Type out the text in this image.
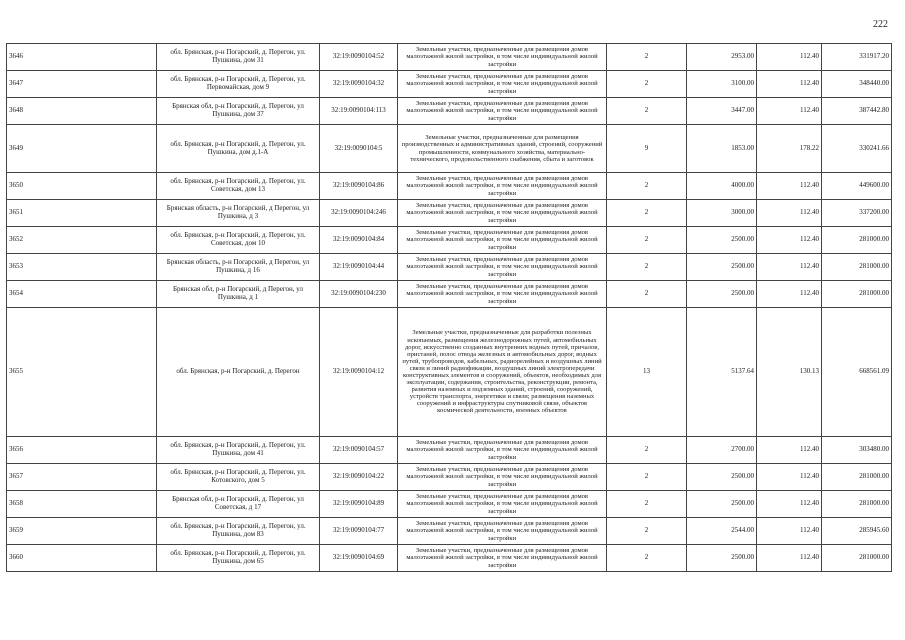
222
3646	обл. Брянская, р-н Погарский, д. Перегон, ул. Пушкина, дом 31	32:19:0090104:52	Земельные участки, предназначенные для размещения домов малоэтажной жилой застройки, в том числе индивидуальной жилой застройки	2	2953.00	112.40	331917.20
3647	обл. Брянская, р-н Погарский, д. Перегон, ул. Первомайская, дом 9	32:19:0090104:32	Земельные участки, предназначенные для размещения домов малоэтажной жилой застройки, в том числе индивидуальной жилой застройки	2	3100.00	112.40	348440.00
3648	Брянская обл, р-н Погарский, д. Перегон, ул Пушкина, дом 37	32:19:0090104:113	Земельные участки, предназначенные для размещения домов малоэтажной жилой застройки, в том числе индивидуальной жилой застройки	2	3447.00	112.40	387442.80
3649	обл. Брянская, р-н Погарский, д. Перегон, ул. Пушкина, дом д.1-А	32:19:0090104:5	Земельные участки, предназначенные для размещения производственных и административных зданий, строений, сооружений промышленности, коммунального хозяйства, материально-технического, продовольственного снабжения, сбыта и заготовок	9	1853.00	178.22	330241.66
3650	обл. Брянская, р-н Погарский, д. Перегон, ул. Советская, дом 13	32:19:0090104:86	Земельные участки, предназначенные для размещения домов малоэтажной жилой застройки, в том числе индивидуальной жилой застройки	2	4000.00	112.40	449600.00
3651	Брянская область, р-н Погарский, д Перегон, ул Пушкина, д 3	32:19:0090104:246	Земельные участки, предназначенные для размещения домов малоэтажной жилой застройки, в том числе индивидуальной жилой застройки	2	3000.00	112.40	337200.00
3652	обл. Брянская, р-н Погарский, д. Перегон, ул. Советская, дом 10	32:19:0090104:84	Земельные участки, предназначенные для размещения домов малоэтажной жилой застройки, в том числе индивидуальной жилой застройки	2	2500.00	112.40	281000.00
3653	Брянская область, р-н Погарский, д Перегон, ул Пушкина, д 16	32:19:0090104:44	Земельные участки, предназначенные для размещения домов малоэтажной жилой застройки, в том числе индивидуальной жилой застройки	2	2500.00	112.40	281000.00
3654	Брянская обл, р-н Погарский, д Перегон, ул Пушкина, д 1	32:19:0090104:230	Земельные участки, предназначенные для размещения домов малоэтажной жилой застройки, в том числе индивидуальной жилой застройки	2	2500.00	112.40	281000.00
3655	обл. Брянская, р-н Погарский, д. Перегон	32:19:0090104:12	Земельные участки, предназначенные для разработки полезных ископаемых, размещения железнодорожных путей, автомобильных дорог, искусственно созданных внутренних водных путей, причалов, пристаней, полос отвода железных и автомобильных дорог, водных путей, трубопроводов, кабельных, радиорелейных и воздушных линий связи и линий радиофикации, воздушных линий электропередачи конструктивных элементов и сооружений, объектов, необходимых для эксплуатации, содержания, строительства, реконструкции, ремонта, развития наземных и подземных зданий, строений, сооружений, устройств транспорта, энергетики и связи; размещения наземных сооружений и инфраструктуры спутниковой связи, объектов космической деятельности, военных объектов	13	5137.64	130.13	668561.09
3656	обл. Брянская, р-н Погарский, д. Перегон, ул. Пушкина, дом 41	32:19:0090104:57	Земельные участки, предназначенные для размещения домов малоэтажной жилой застройки, в том числе индивидуальной жилой застройки	2	2700.00	112.40	303480.00
3657	обл. Брянская, р-н Погарский, д. Перегон, ул. Котовского, дом 5	32:19:0090104:22	Земельные участки, предназначенные для размещения домов малоэтажной жилой застройки, в том числе индивидуальной жилой застройки	2	2500.00	112.40	281000.00
3658	Брянская обл, р-н Погарский, д. Перегон, ул Советская, д 17	32:19:0090104:89	Земельные участки, предназначенные для размещения домов малоэтажной жилой застройки, в том числе индивидуальной жилой застройки	2	2500.00	112.40	281000.00
3659	обл. Брянская, р-н Погарский, д. Перегон, ул. Пушкина, дом 83	32:19:0090104:77	Земельные участки, предназначенные для размещения домов малоэтажной жилой застройки, в том числе индивидуальной жилой застройки	2	2544.00	112.40	285945.60
3660	обл. Брянская, р-н Погарский, д. Перегон, ул. Пушкина, дом 65	32:19:0090104:69	Земельные участки, предназначенные для размещения домов малоэтажной жилой застройки, в том числе индивидуальной жилой застройки	2	2500.00	112.40	281000.00
